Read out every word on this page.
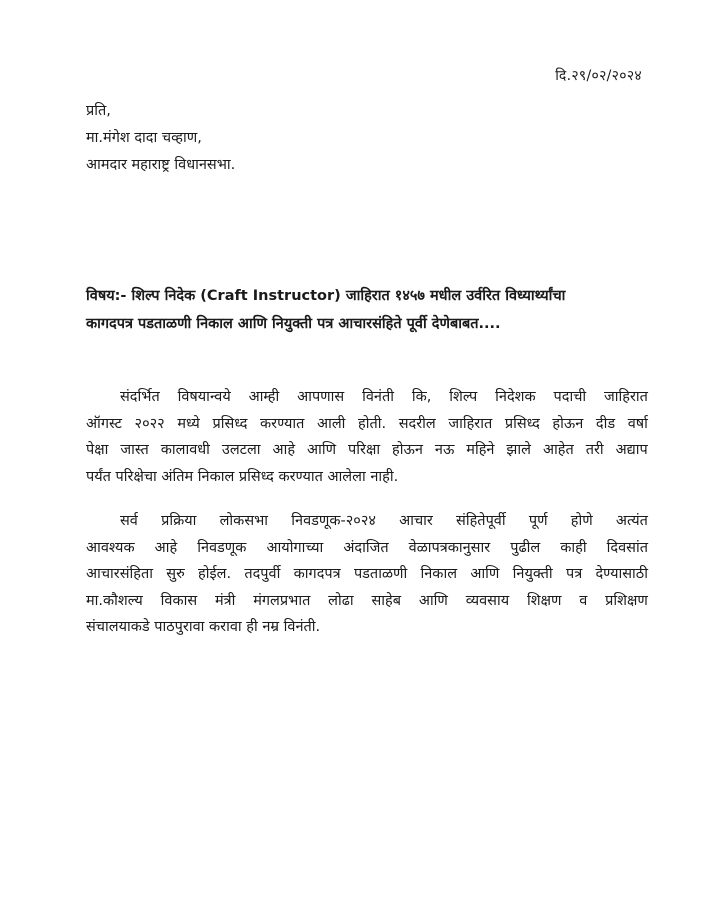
दि.२९/०२/२०२४
प्रति,
मा.मंगेश दादा चव्हाण,
आमदार महाराष्ट्र विधानसभा.
विषय:- शिल्प निदेक (Craft Instructor) जाहिरात १४५७ मधील उर्वरित विध्यार्थ्यांचा
कागदपत्र पडताळणी निकाल आणि नियुक्ती पत्र आचारसंहिते पूर्वी देणेबाबत....
संदर्भित विषयान्वये आम्ही आपणास विनंती कि, शिल्प निदेशक पदाची जाहिरात
ऑगस्ट २०२२ मध्ये प्रसिध्द करण्यात आली होती. सदरील जाहिरात प्रसिध्द होऊन दीड वर्षा
पेक्षा जास्त कालावधी उलटला आहे आणि परिक्षा होऊन नऊ महिने झाले आहेत तरी अद्याप
पर्यंत परिक्षेचा अंतिम निकाल प्रसिध्द करण्यात आलेला नाही.
सर्व प्रक्रिया लोकसभा निवडणूक-२०२४ आचार संहितेपूर्वी पूर्ण होणे अत्यंत
आवश्यक आहे निवडणूक आयोगाच्या अंदाजित वेळापत्रकानुसार पुढील काही दिवसांत
आचारसंहिता सुरु होईल. तदपुर्वी कागदपत्र पडताळणी निकाल आणि नियुक्ती पत्र देण्यासाठी
मा.कौशल्य विकास मंत्री मंगलप्रभात लोढा साहेब आणि व्यवसाय शिक्षण व प्रशिक्षण
संचालयाकडे पाठपुरावा करावा ही नम्र विनंती.
